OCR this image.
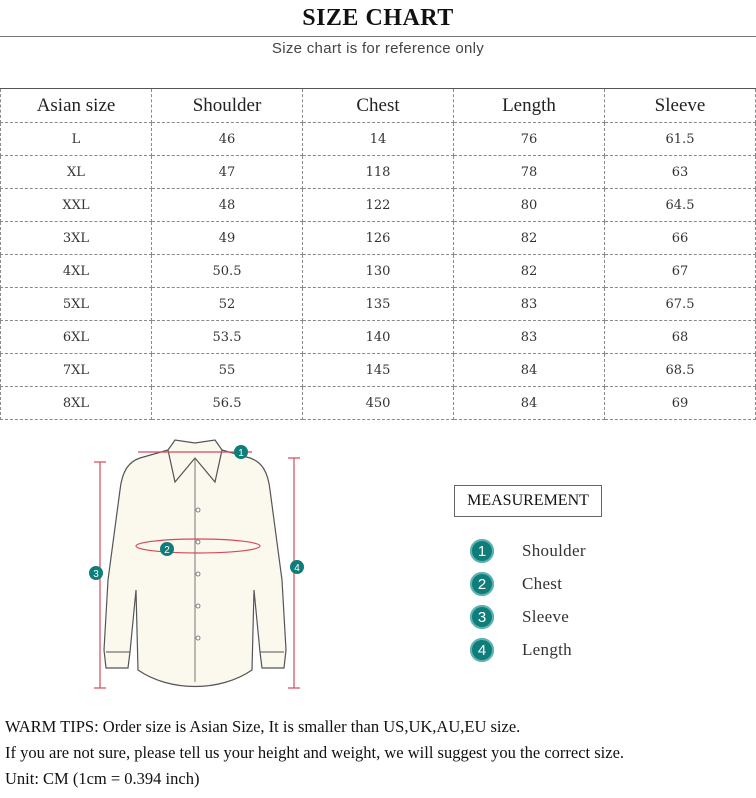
SIZE CHART
Size chart is for reference only
Asian size	Shoulder	Chest	Length	Sleeve
L	46	14	76	61.5
XL	47	118	78	63
XXL	48	122	80	64.5
3XL	49	126	82	66
4XL	50.5	130	82	67
5XL	52	135	83	67.5
6XL	53.5	140	83	68
7XL	55	145	84	68.5
8XL	56.5	450	84	69
1
2
3
4
MEASUREMENT
1	Shoulder
2	Chest
3	Sleeve
4	Length
WARM TIPS: Order size is Asian Size, It is smaller than US,UK,AU,EU size.
If you are not sure, please tell us your height and weight, we will suggest you the correct size.
Unit: CM (1cm = 0.394 inch)
